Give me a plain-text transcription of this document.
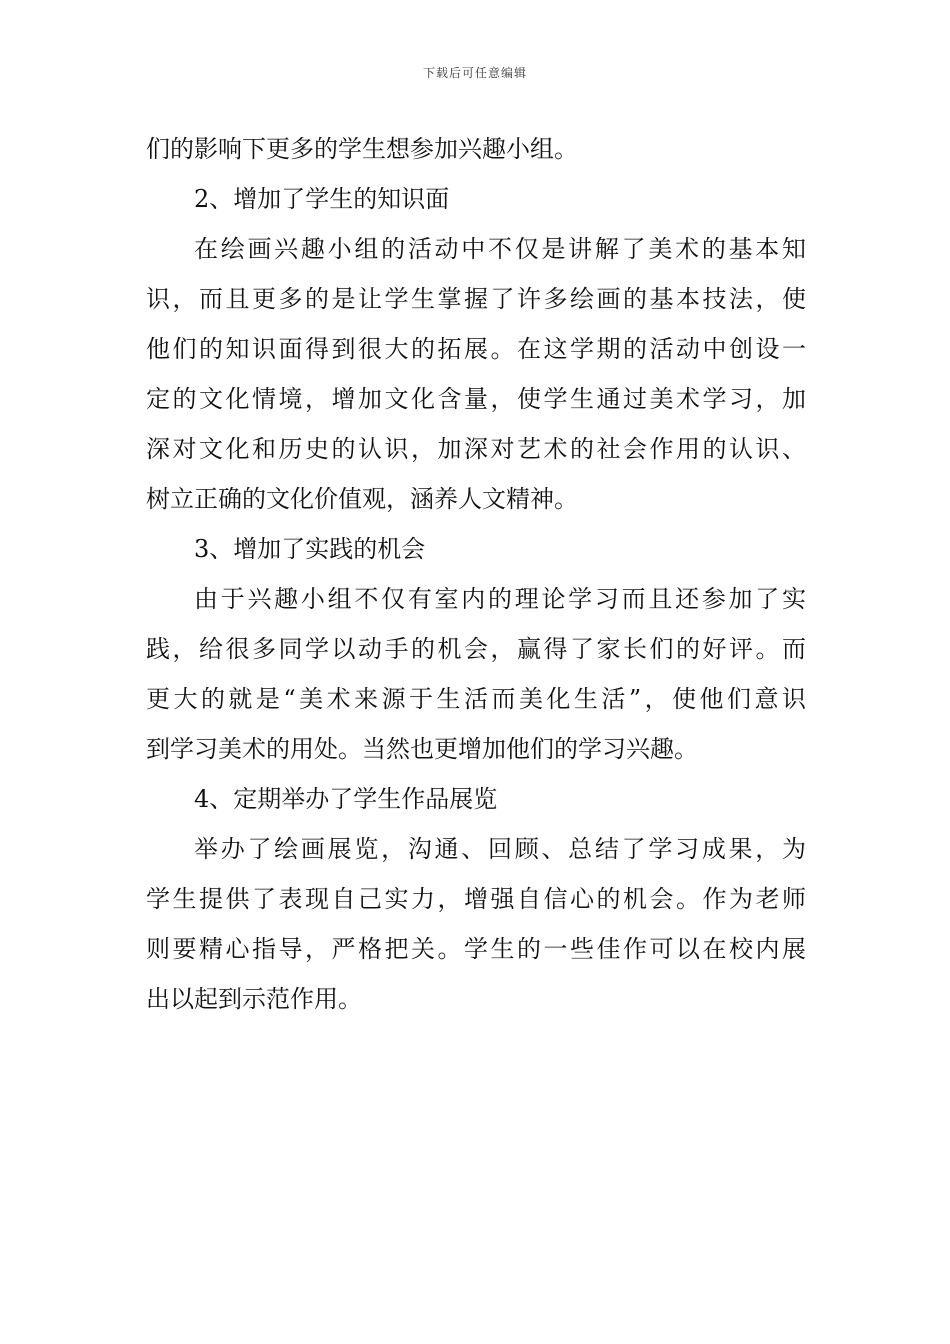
下载后可任意编辑
们的影响下更多的学生想参加兴趣小组。
2、增加了学生的知识面
在绘画兴趣小组的活动中不仅是讲解了美术的基本知
识，而且更多的是让学生掌握了许多绘画的基本技法，使
他们的知识面得到很大的拓展。在这学期的活动中创设一
定的文化情境，增加文化含量，使学生通过美术学习，加
深对文化和历史的认识，加深对艺术的社会作用的认识、
树立正确的文化价值观，涵养人文精神。
3、增加了实践的机会
由于兴趣小组不仅有室内的理论学习而且还参加了实
践，给很多同学以动手的机会，赢得了家长们的好评。而
更大的就是“美术来源于生活而美化生活”，使他们意识
到学习美术的用处。当然也更增加他们的学习兴趣。
4、定期举办了学生作品展览
举办了绘画展览，沟通、回顾、总结了学习成果，为
学生提供了表现自己实力，增强自信心的机会。作为老师
则要精心指导，严格把关。学生的一些佳作可以在校内展
出以起到示范作用。
